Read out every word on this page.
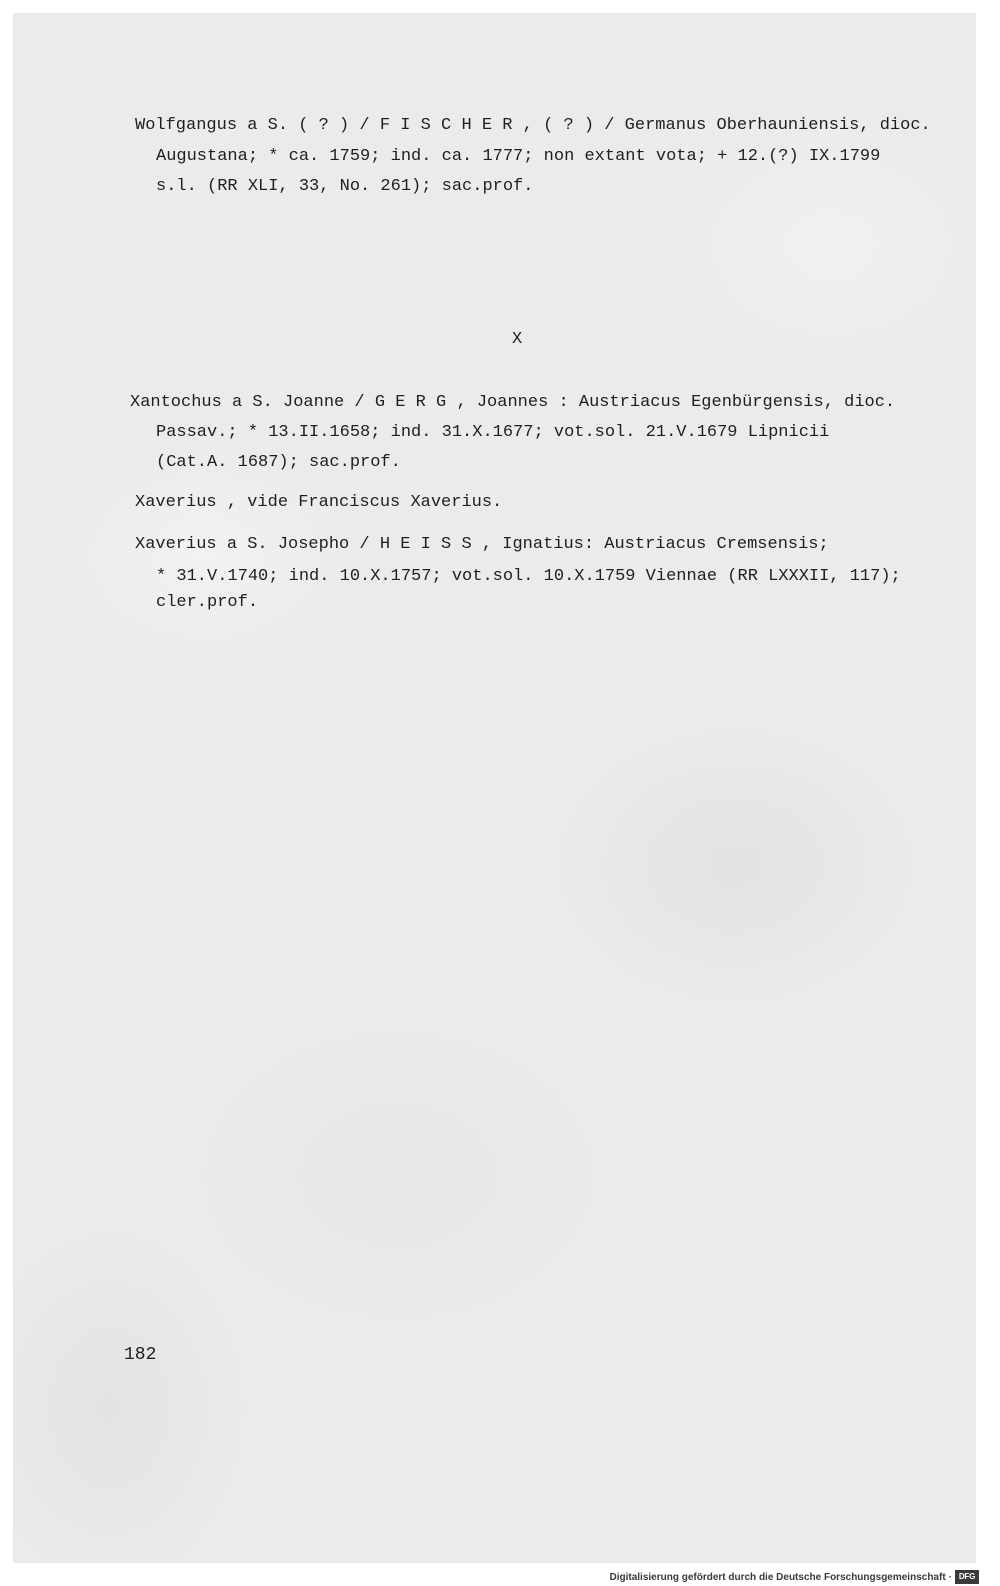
Wolfgangus a S. ( ? ) / F I S C H E R , ( ? ) / Germanus Oberhauniensis, dioc.
Augustana; * ca. 1759; ind. ca. 1777; non extant vota; + 12.(?) IX.1799
s.l. (RR XLI, 33, No. 261); sac.prof.
X
Xantochus a S. Joanne / G E R G , Joannes : Austriacus Egenbürgensis, dioc.
Passav.; * 13.II.1658; ind. 31.X.1677; vot.sol. 21.V.1679 Lipnicii
(Cat.A. 1687); sac.prof.
Xaverius , vide Franciscus Xaverius.
Xaverius a S. Josepho / H E I S S , Ignatius: Austriacus Cremsensis;
* 31.V.1740; ind. 10.X.1757; vot.sol. 10.X.1759 Viennae (RR LXXXII, 117);
cler.prof.
182
Digitalisierung gefördert durch die Deutsche Forschungsgemeinschaft · DFG
